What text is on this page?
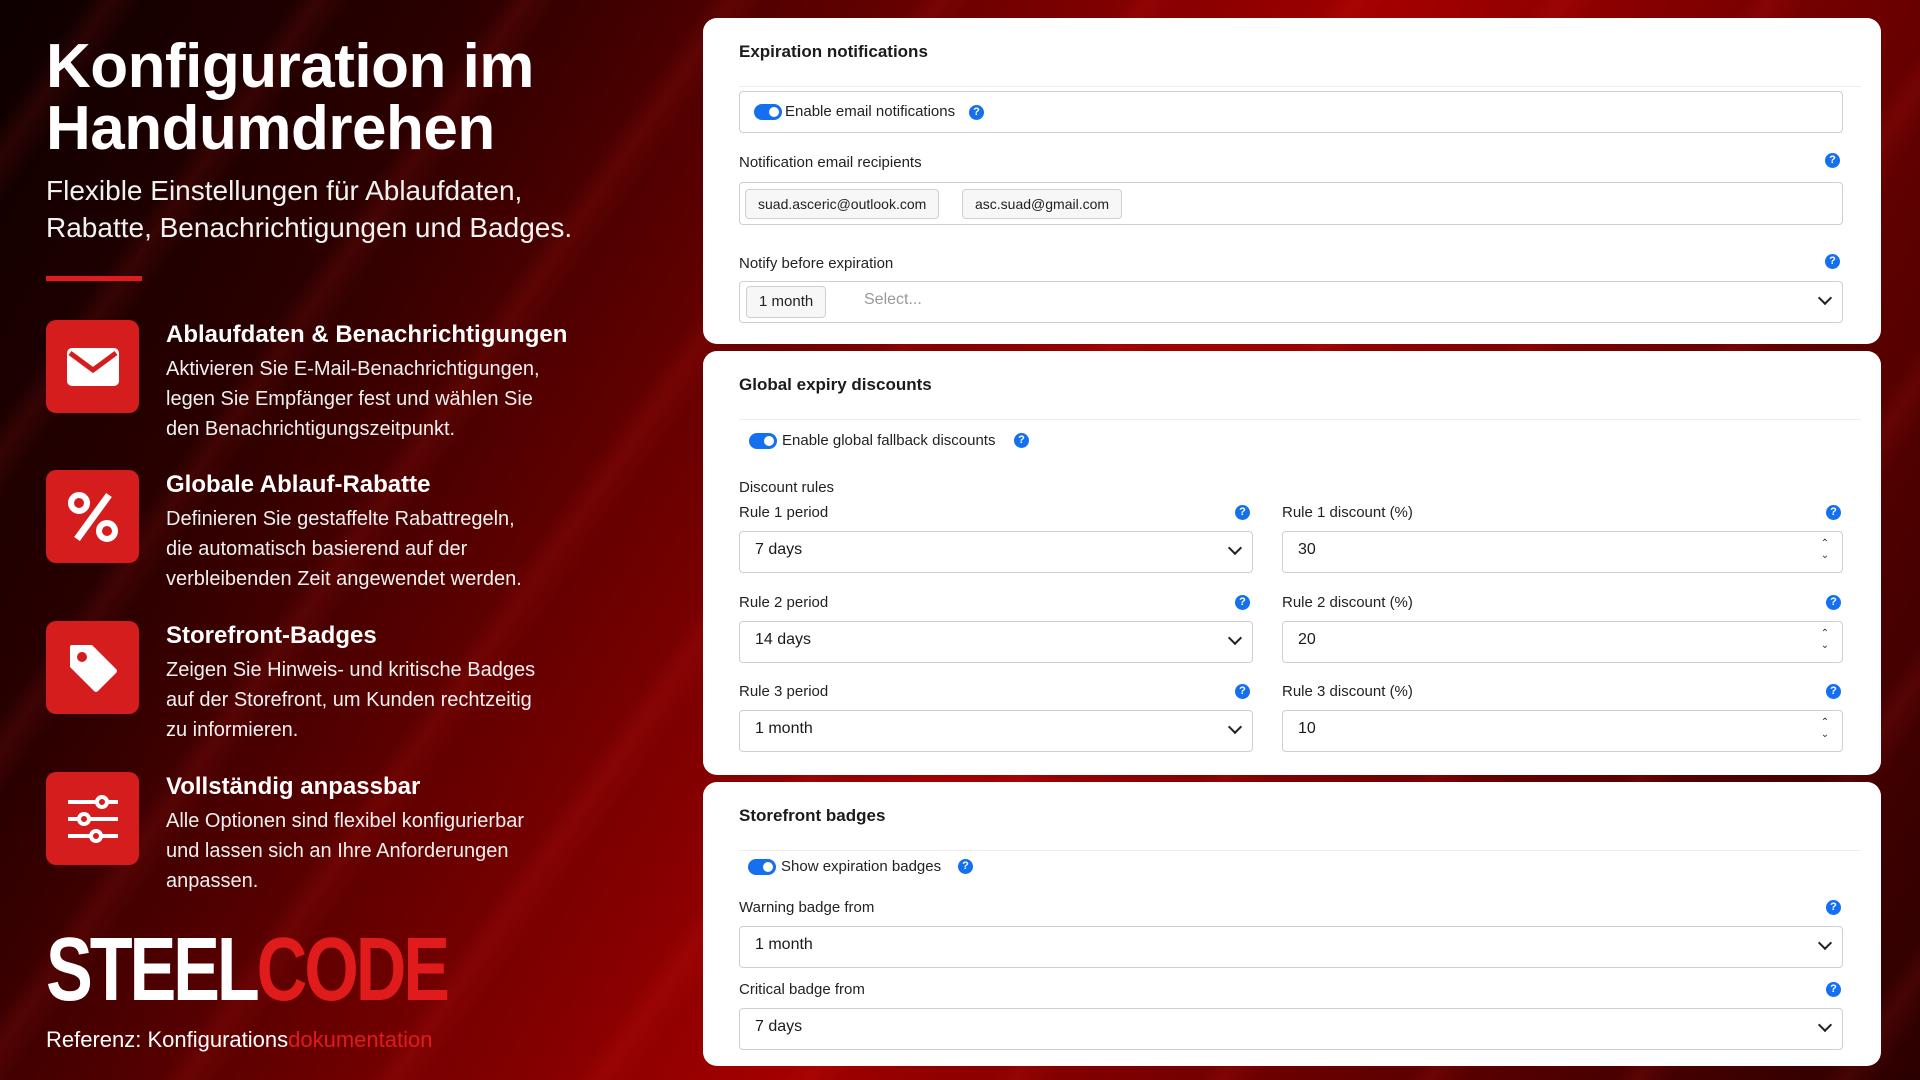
Konfiguration im
Handumdrehen
Flexible Einstellungen für Ablaufdaten,
Rabatte, Benachrichtigungen und Badges.
Ablaufdaten & Benachrichtigungen
Aktivieren Sie E-Mail-Benachrichtigungen,
legen Sie Empfänger fest und wählen Sie
den Benachrichtigungszeitpunkt.
Globale Ablauf-Rabatte
Definieren Sie gestaffelte Rabattregeln,
die automatisch basierend auf der
verbleibenden Zeit angewendet werden.
Storefront-Badges
Zeigen Sie Hinweis- und kritische Badges
auf der Storefront, um Kunden rechtzeitig
zu informieren.
Vollständig anpassbar
Alle Optionen sind flexibel konfigurierbar
und lassen sich an Ihre Anforderungen
anpassen.
STEELCODE
Referenz: Konfigurationsdokumentation
Expiration notifications
Enable email notifications	?
Notification email recipients	?
suad.asceric@outlook.com	asc.suad@gmail.com
Notify before expiration	?
1 month	Select...
Global expiry discounts
Enable global fallback discounts	?
Discount rules
Rule 1 period	?
7 days
Rule 1 discount (%)	?
30	⌃
⌄
Rule 2 period	?
14 days
Rule 2 discount (%)	?
20	⌃
⌄
Rule 3 period	?
1 month
Rule 3 discount (%)	?
10	⌃
⌄
Storefront badges
Show expiration badges	?
Warning badge from	?
1 month
Critical badge from	?
7 days
